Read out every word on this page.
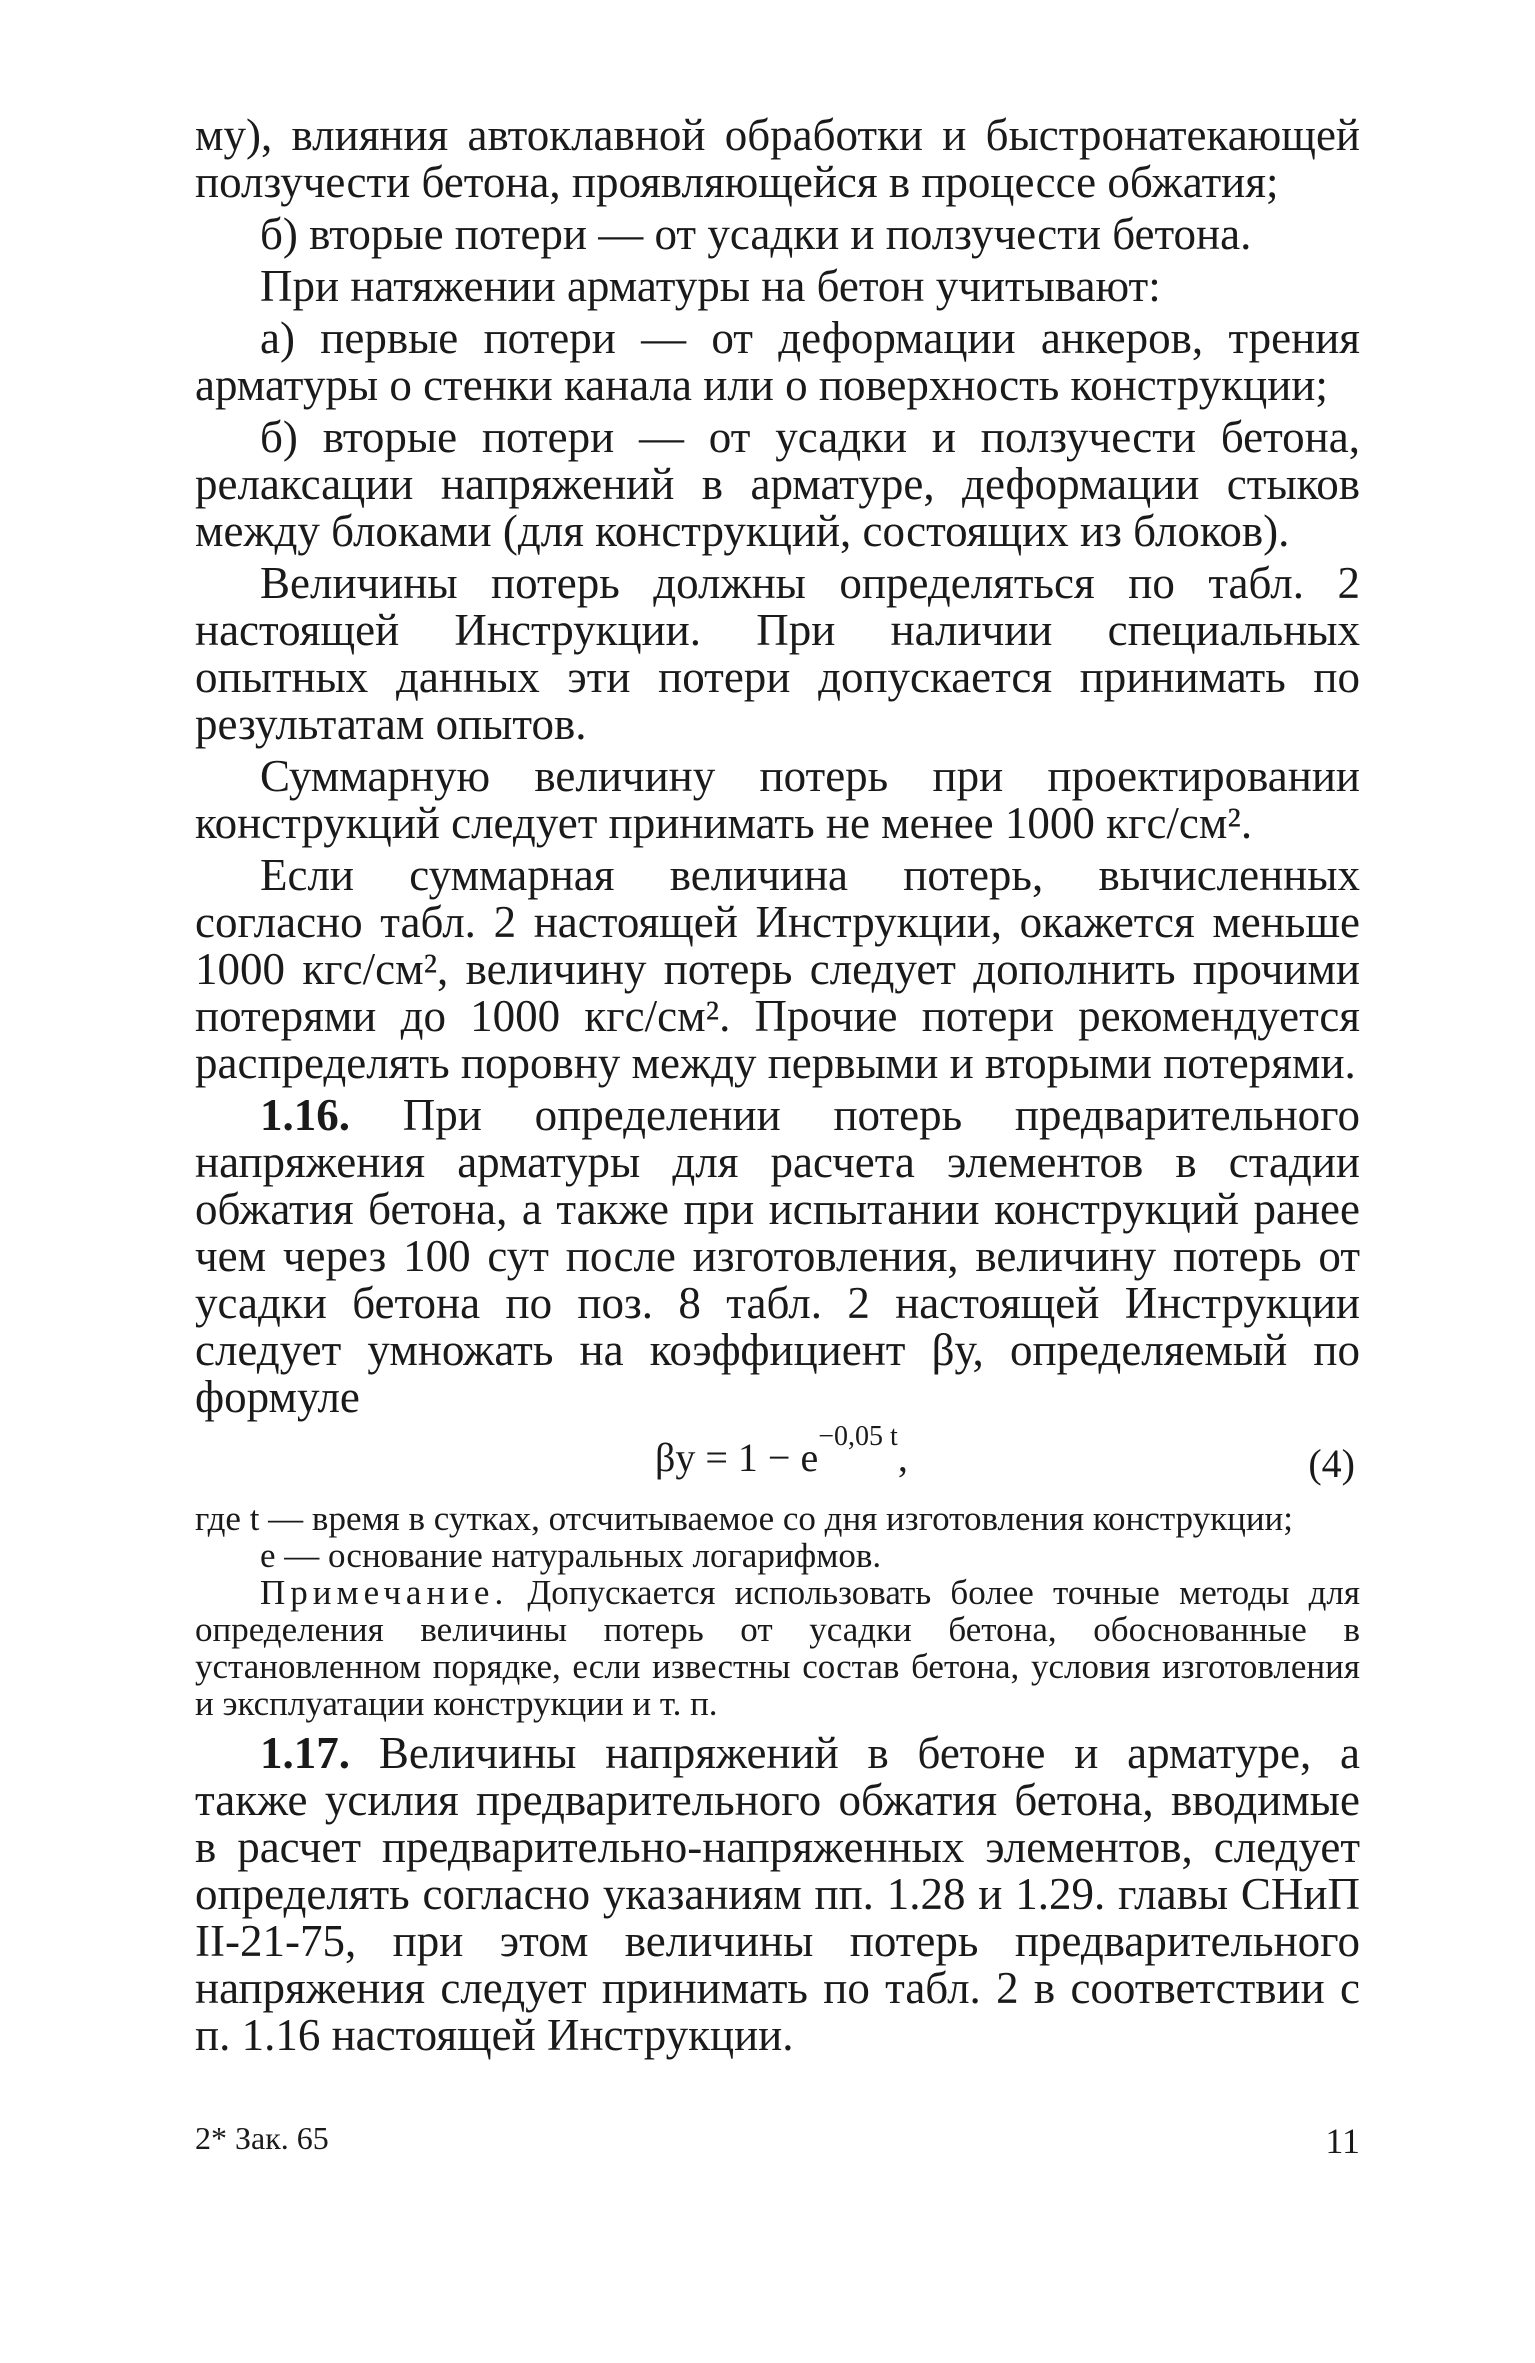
му), влияния автоклавной обработки и быстронатекающей ползучести бетона, проявляющейся в процессе обжатия;

б) вторые потери — от усадки и ползучести бетона.

При натяжении арматуры на бетон учитывают:

а) первые потери — от деформации анкеров, трения арматуры о стенки канала или о поверхность конструкции;

б) вторые потери — от усадки и ползучести бетона, релаксации напряжений в арматуре, деформации стыков между блоками (для конструкций, состоящих из блоков).

Величины потерь должны определяться по табл. 2 настоящей Инструкции. При наличии специальных опытных данных эти потери допускается принимать по результатам опытов.

Суммарную величину потерь при проектировании конструкций следует принимать не менее 1000 кгс/см².

Если суммарная величина потерь, вычисленных согласно табл. 2 настоящей Инструкции, окажется меньше 1000 кгс/см², величину потерь следует дополнить прочими потерями до 1000 кгс/см². Прочие потери рекомендуется распределять поровну между первыми и вторыми потерями.

1.16. При определении потерь предварительного напряжения арматуры для расчета элементов в стадии обжатия бетона, а также при испытании конструкций ранее чем через 100 сут после изготовления, величину потерь от усадки бетона по поз. 8 табл. 2 настоящей Инструкции следует умножать на коэффициент βу, определяемый по формуле

$\beta у = 1 - e^{-0,05 t}$,	(4)

где t — время в сутках, отсчитываемое со дня изготовления конструкции;

e — основание натуральных логарифмов.

Примечание. Допускается использовать более точные методы для определения величины потерь от усадки бетона, обоснованные в установленном порядке, если известны состав бетона, условия изготовления и эксплуатации конструкции и т. п.

1.17. Величины напряжений в бетоне и арматуре, а также усилия предварительного обжатия бетона, вводимые в расчет предварительно-напряженных элементов, следует определять согласно указаниям пп. 1.28 и 1.29. главы СНиП II-21-75, при этом величины потерь предварительного напряжения следует принимать по табл. 2 в соответствии с п. 1.16 настоящей Инструкции.

2* Зак. 65	11
